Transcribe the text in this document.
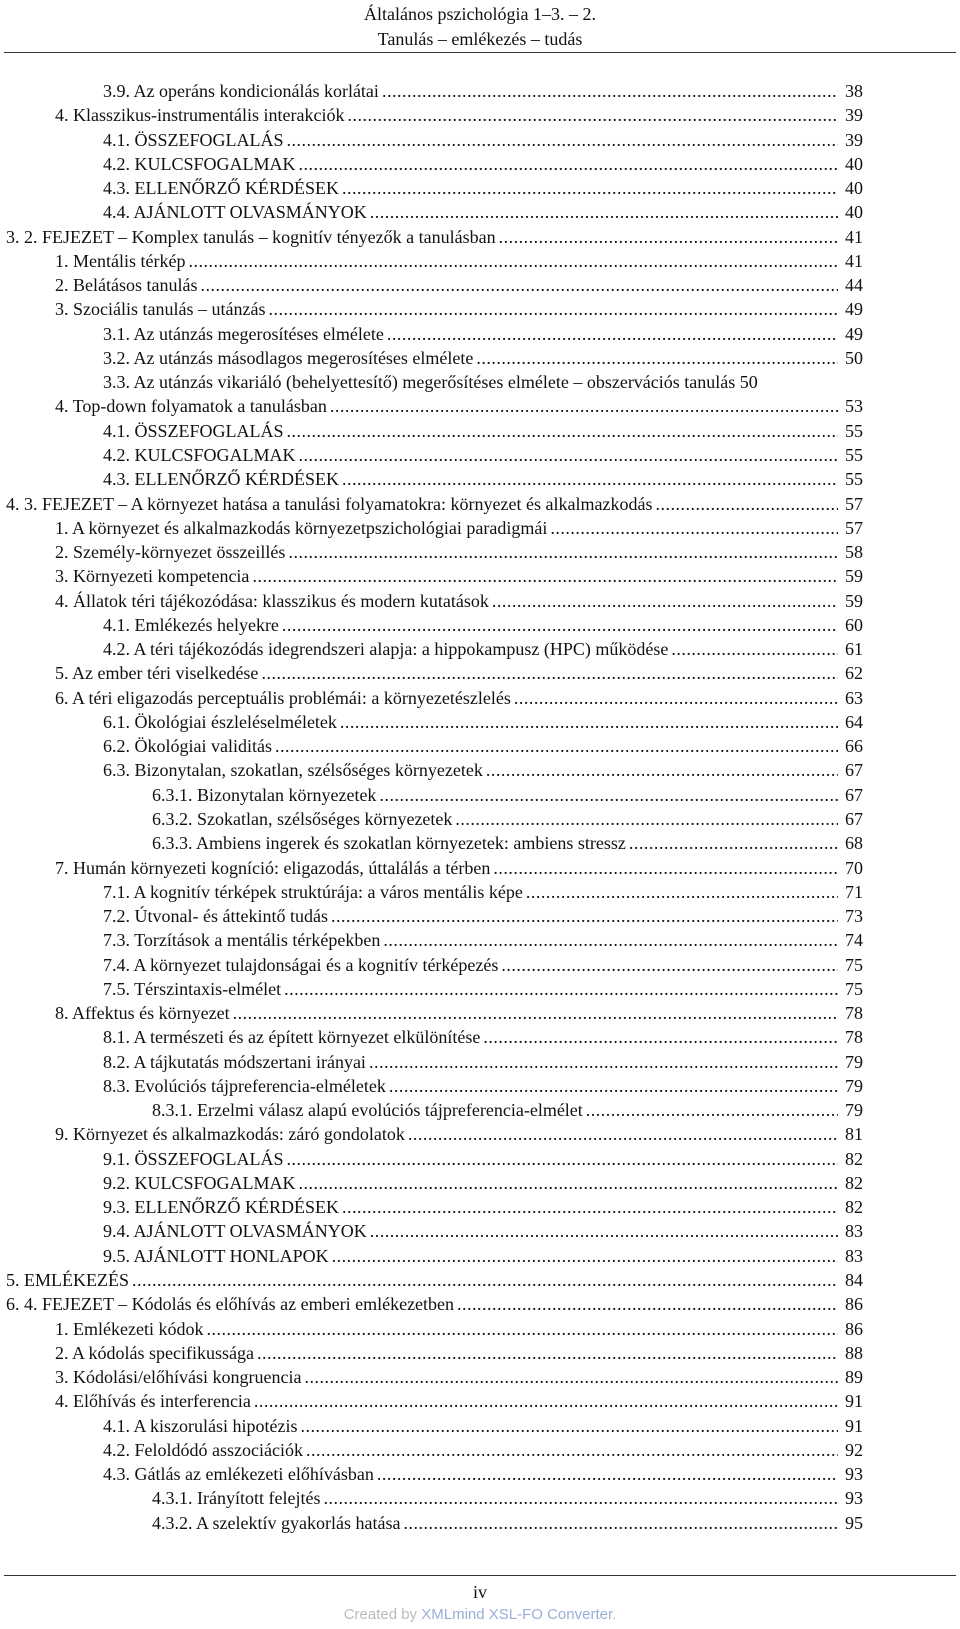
Általános pszichológia 1–3. – 2.
Tanulás – emlékezés – tudás
38
3.9. Az operáns kondicionálás korlátai
.....
39
4. Klasszikus-instrumentális interakciók
.....
39
4.1. ÖSSZEFOGLALÁS
.....
40
4.2. KULCSFOGALMAK
.....
40
4.3. ELLENŐRZŐ KÉRDÉSEK
.....
40
4.4. AJÁNLOTT OLVASMÁNYOK
.....
41
3. 2. FEJEZET – Komplex tanulás – kognitív tényezők a tanulásban
.....
41
1. Mentális térkép
.....
44
2. Belátásos tanulás
.....
49
3. Szociális tanulás – utánzás
.....
49
3.1. Az utánzás megerosítéses elmélete
.....
50
3.2. Az utánzás másodlagos megerosítéses elmélete
.....
3.3. Az utánzás vikariáló (behelyettesítő) megerősítéses elmélete – obszervációs tanulás 50
53
4. Top-down folyamatok a tanulásban
.....
55
4.1. ÖSSZEFOGLALÁS
.....
55
4.2. KULCSFOGALMAK
.....
55
4.3. ELLENŐRZŐ KÉRDÉSEK
.....
57
4. 3. FEJEZET – A környezet hatása a tanulási folyamatokra: környezet és alkalmazkodás
.....
57
1. A környezet és alkalmazkodás környezetpszichológiai paradigmái
.....
58
2. Személy-környezet összeillés
.....
59
3. Környezeti kompetencia
.....
59
4. Állatok téri tájékozódása: klasszikus és modern kutatások
.....
60
4.1. Emlékezés helyekre
.....
61
4.2. A téri tájékozódás idegrendszeri alapja: a hippokampusz (HPC) működése
.....
62
5. Az ember téri viselkedése
.....
63
6. A téri eligazodás perceptuális problémái: a környezetészlelés
.....
64
6.1. Ökológiai észleléselméletek
.....
66
6.2. Ökológiai validitás
.....
67
6.3. Bizonytalan, szokatlan, szélsőséges környezetek
.....
67
6.3.1. Bizonytalan környezetek
.....
67
6.3.2. Szokatlan, szélsőséges környezetek
.....
68
6.3.3. Ambiens ingerek és szokatlan környezetek: ambiens stressz
.....
70
7. Humán környezeti kogníció: eligazodás, úttalálás a térben
.....
71
7.1. A kognitív térképek struktúrája: a város mentális képe
.....
73
7.2. Útvonal- és áttekintő tudás
.....
74
7.3. Torzítások a mentális térképekben
.....
75
7.4. A környezet tulajdonságai és a kognitív térképezés
.....
75
7.5. Térszintaxis-elmélet
.....
78
8. Affektus és környezet
.....
78
8.1. A természeti és az épített környezet elkülönítése
.....
79
8.2. A tájkutatás módszertani irányai
.....
79
8.3. Evolúciós tájpreferencia-elméletek
.....
79
8.3.1. Erzelmi válasz alapú evolúciós tájpreferencia-elmélet
.....
81
9. Környezet és alkalmazkodás: záró gondolatok
.....
82
9.1. ÖSSZEFOGLALÁS
.....
82
9.2. KULCSFOGALMAK
.....
82
9.3. ELLENŐRZŐ KÉRDÉSEK
.....
83
9.4. AJÁNLOTT OLVASMÁNYOK
.....
83
9.5. AJÁNLOTT HONLAPOK
.....
84
5. EMLÉKEZÉS
.....
86
6. 4. FEJEZET – Kódolás és előhívás az emberi emlékezetben
.....
86
1. Emlékezeti kódok
.....
88
2. A kódolás specifikussága
.....
89
3. Kódolási/előhívási kongruencia
.....
91
4. Előhívás és interferencia
.....
91
4.1. A kiszorulási hipotézis
.....
92
4.2. Feloldódó asszociációk
.....
93
4.3. Gátlás az emlékezeti előhívásban
.....
93
4.3.1. Irányított felejtés
.....
95
4.3.2. A szelektív gyakorlás hatása
.....
iv
Created by XMLmind XSL-FO Converter.
